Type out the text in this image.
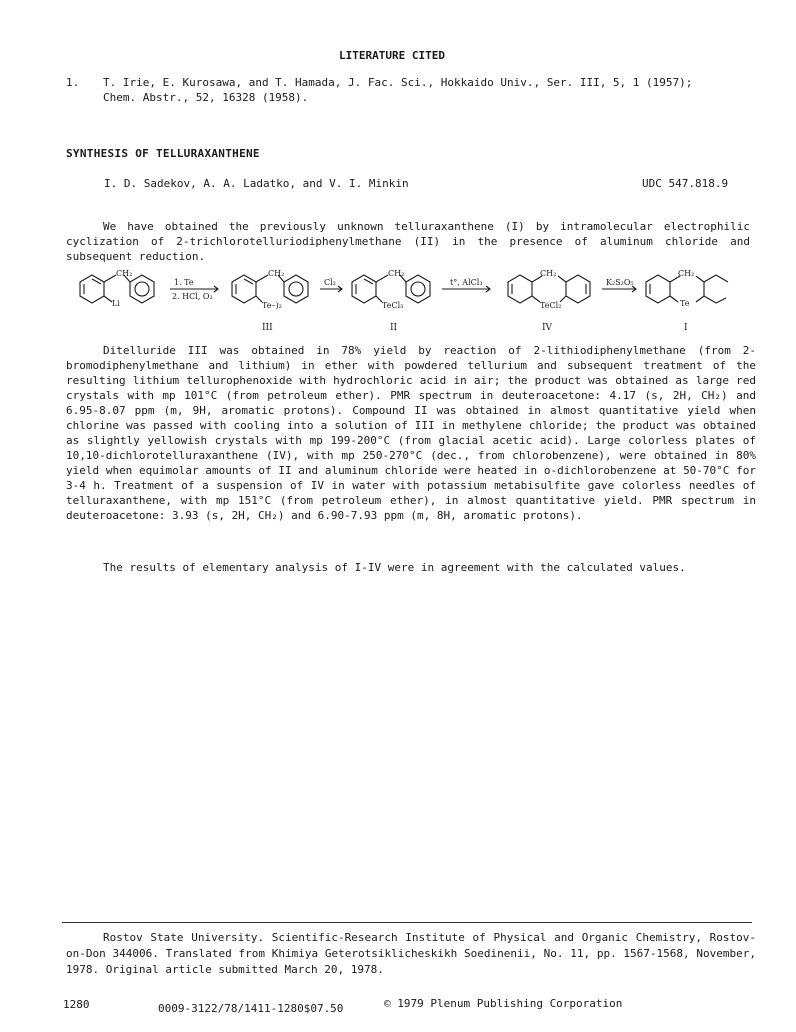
LITERATURE CITED
1. T. Irie, E. Kurosawa, and T. Hamada, J. Fac. Sci., Hokkaido Univ., Ser. III, 5, 1 (1957);
Chem. Abstr., 52, 16328 (1958).
SYNTHESIS OF TELLURAXANTHENE
I. D. Sadekov, A. A. Ladatko, and V. I. Minkin	UDC 547.818.9

We have obtained the previously unknown telluraxanthene (I) by intramolecular electrophilic cyclization of 2-trichlorotelluriodiphenylmethane (II) in the presence of aluminum chloride and subsequent reduction.

CH₂
Li
1. Te
2. HCl, O₂
CH₂
Te–)₂
III
Cl₂
CH₂
TeCl₃
II
t°, AlCl₃
CH₂
TeCl₂
IV
K₂S₂O₅
CH₂
Te
I

Ditelluride III was obtained in 78% yield by reaction of 2-lithiodiphenylmethane (from 2-bromodiphenylmethane and lithium) in ether with powdered tellurium and subsequent treatment of the resulting lithium tellurophenoxide with hydrochloric acid in air; the product was obtained as large red crystals with mp 101°C (from petroleum ether). PMR spectrum in deuteroacetone: 4.17 (s, 2H, CH₂) and 6.95-8.07 ppm (m, 9H, aromatic protons). Compound II was obtained in almost quantitative yield when chlorine was passed with cooling into a solution of III in methylene chloride; the product was obtained as slightly yellowish crystals with mp 199-200°C (from glacial acetic acid). Large colorless plates of 10,10-dichlorotelluraxanthene (IV), with mp 250-270°C (dec., from chlorobenzene), were obtained in 80% yield when equimolar amounts of II and aluminum chloride were heated in o-dichlorobenzene at 50-70°C for 3-4 h. Treatment of a suspension of IV in water with potassium metabisulfite gave colorless needles of telluraxanthene, with mp 151°C (from petroleum ether), in almost quantitative yield. PMR spectrum in deuteroacetone: 3.93 (s, 2H, CH₂) and 6.90-7.93 ppm (m, 8H, aromatic protons).

The results of elementary analysis of I-IV were in agreement with the calculated values.

Rostov State University. Scientific-Research Institute of Physical and Organic Chemistry, Rostov-on-Don 344006. Translated from Khimiya Geterotsiklicheskikh Soedinenii, No. 11, pp. 1567-1568, November, 1978. Original article submitted March 20, 1978.

1280	0009-3122/78/1411-1280$07.50	© 1979 Plenum Publishing Corporation
